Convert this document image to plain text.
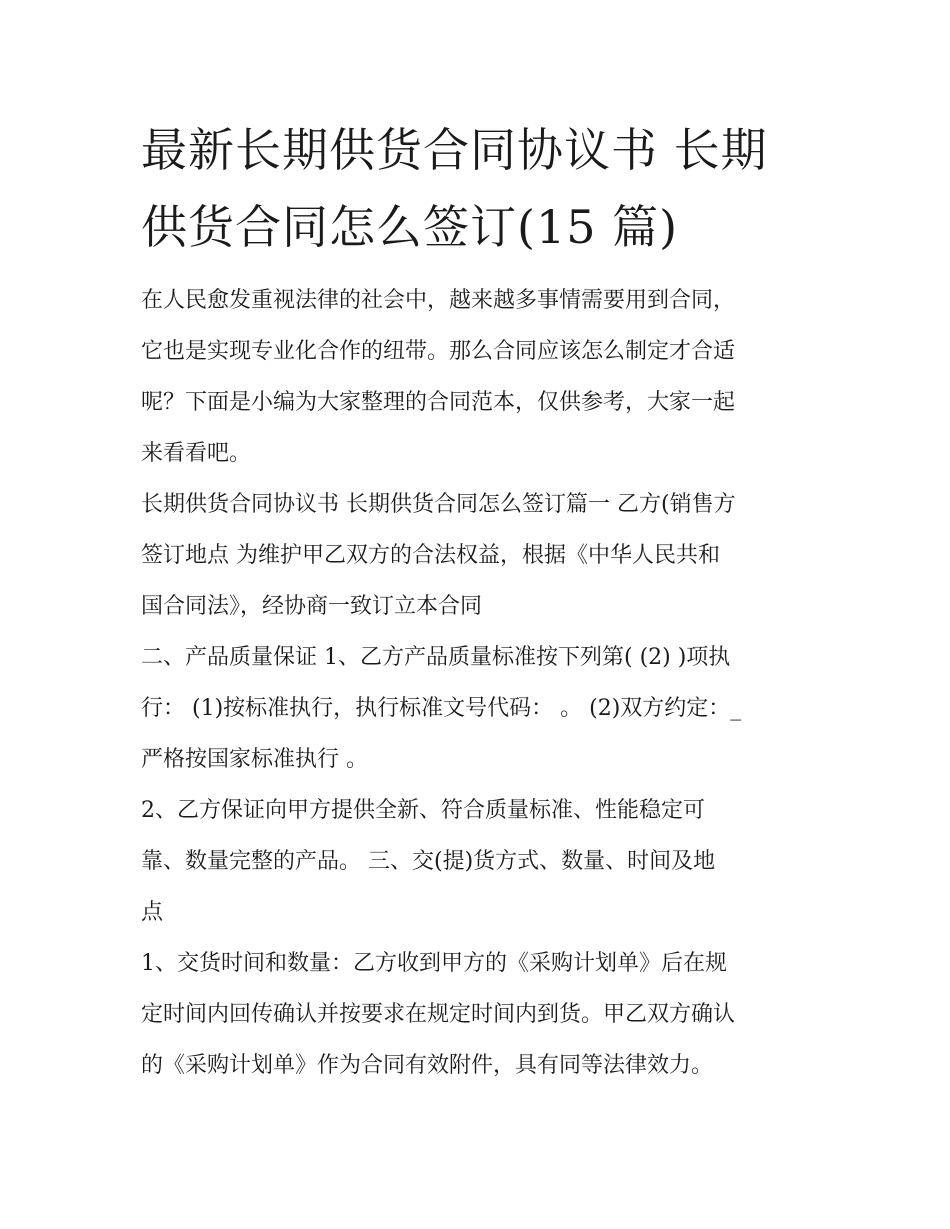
最新长期供货合同协议书 长期
供货合同怎么签订(15 篇)

在人民愈发重视法律的社会中，越来越多事情需要用到合同，
它也是实现专业化合作的纽带。那么合同应该怎么制定才合适
呢？下面是小编为大家整理的合同范本，仅供参考，大家一起
来看看吧。

长期供货合同协议书 长期供货合同怎么签订篇一 乙方(销售方
签订地点 为维护甲乙双方的合法权益，根据《中华人民共和
国合同法》，经协商一致订立本合同

二、产品质量保证 1、乙方产品质量标准按下列第( (2) )项执
行： (1)按标准执行，执行标准文号代码： 。 (2)双方约定：_
严格按国家标准执行 。

2、乙方保证向甲方提供全新、符合质量标准、性能稳定可
靠、数量完整的产品。 三、交(提)货方式、数量、时间及地
点

1、交货时间和数量：乙方收到甲方的《采购计划单》后在规
定时间内回传确认并按要求在规定时间内到货。甲乙双方确认
的《采购计划单》作为合同有效附件，具有同等法律效力。
